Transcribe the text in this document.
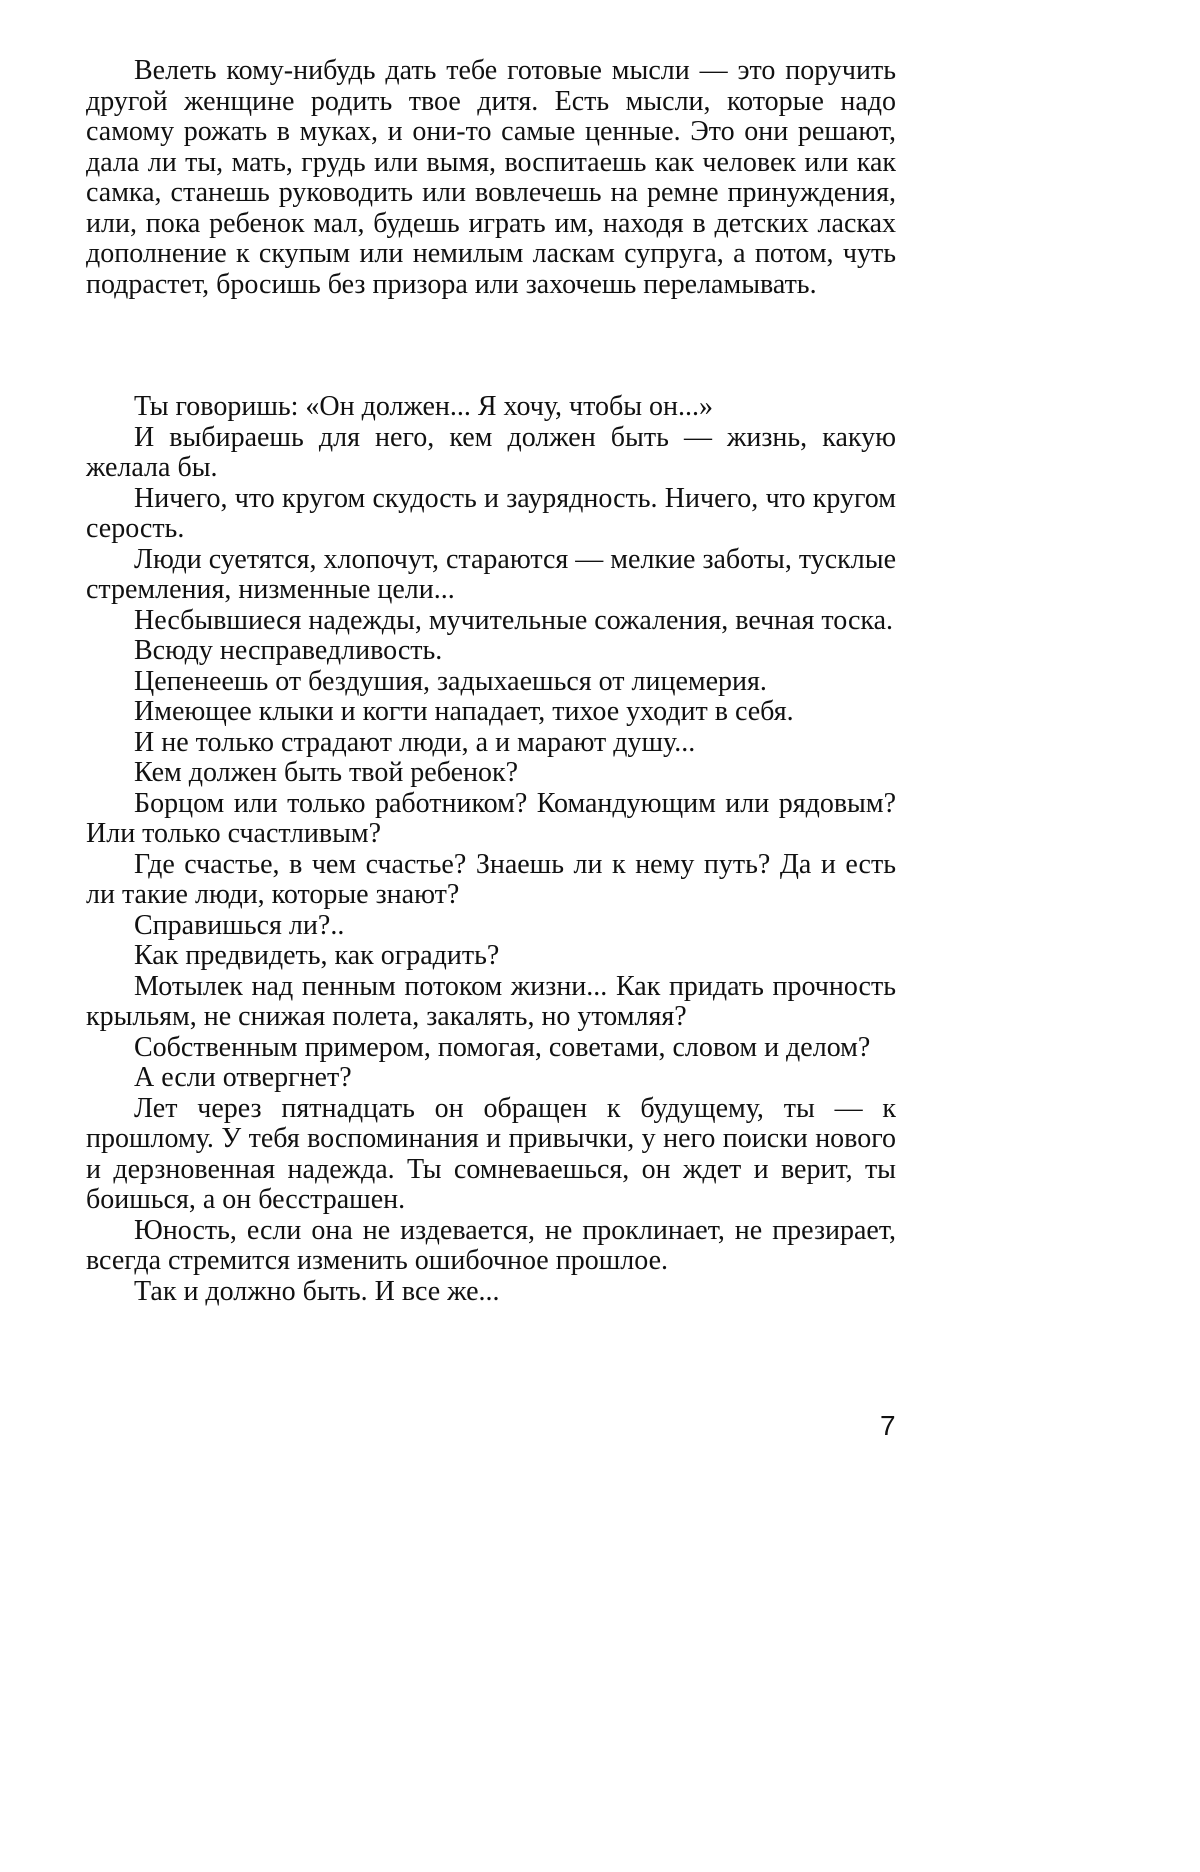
Велеть кому-нибудь дать тебе готовые мысли — это поручить другой женщине родить твое дитя. Есть мысли, которые надо самому рожать в муках, и они-то самые ценные. Это они решают, дала ли ты, мать, грудь или вымя, воспитаешь как человек или как самка, станешь руководить или вовлечешь на ремне принуждения, или, пока ребенок мал, будешь играть им, находя в детских ласках дополнение к скупым или немилым ласкам супруга, а потом, чуть подрастет, бросишь без призора или захочешь переламывать.

Ты говоришь: «Он должен... Я хочу, чтобы он...»

И выбираешь для него, кем должен быть — жизнь, какую желала бы.

Ничего, что кругом скудость и заурядность. Ничего, что кругом серость.

Люди суетятся, хлопочут, стараются — мелкие заботы, тусклые стремления, низменные цели...

Несбывшиеся надежды, мучительные сожаления, вечная тоска.

Всюду несправедливость.

Цепенеешь от бездушия, задыхаешься от лицемерия.

Имеющее клыки и когти нападает, тихое уходит в себя.

И не только страдают люди, а и марают душу...

Кем должен быть твой ребенок?

Борцом или только работником? Командующим или рядовым? Или только счастливым?

Где счастье, в чем счастье? Знаешь ли к нему путь? Да и есть ли такие люди, которые знают?

Справишься ли?..

Как предвидеть, как оградить?

Мотылек над пенным потоком жизни... Как придать прочность крыльям, не снижая полета, закалять, но утомляя?

Собственным примером, помогая, советами, словом и делом?

А если отвергнет?

Лет через пятнадцать он обращен к будущему, ты — к прошлому. У тебя воспоминания и привычки, у него поиски нового и дерзновенная надежда. Ты сомневаешься, он ждет и верит, ты боишься, а он бесстрашен.

Юность, если она не издевается, не проклинает, не презирает, всегда стремится изменить ошибочное прошлое.

Так и должно быть. И все же...

7
